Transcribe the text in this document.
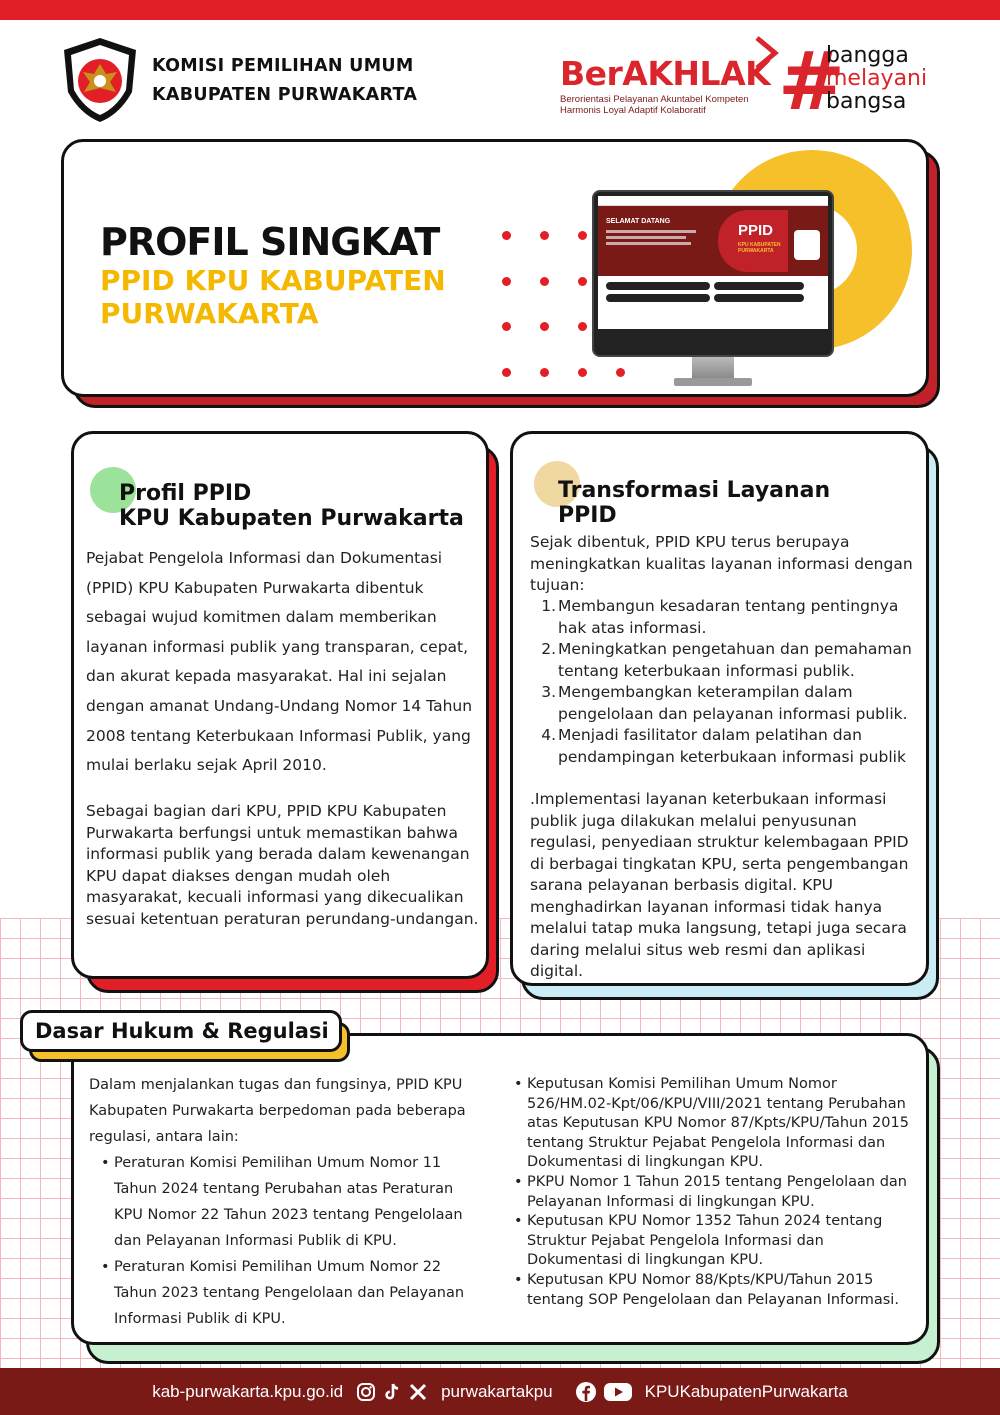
KOMISI PEMILIHAN UMUM
KABUPATEN PURWAKARTA
BerAKHLAK
Berorientasi Pelayanan Akuntabel Kompeten
Harmonis Loyal Adaptif Kolaboratif #
bangga
melayani
bangsa
PROFIL SINGKAT
PPID KPU KABUPATEN
PURWAKARTA
SELAMAT DATANG
PPID
KPU KABUPATEN PURWAKARTA
Profil PPID
KPU Kabupaten Purwakarta
Pejabat Pengelola Informasi dan Dokumentasi (PPID) KPU Kabupaten Purwakarta dibentuk sebagai wujud komitmen dalam memberikan layanan informasi publik yang transparan, cepat, dan akurat kepada masyarakat. Hal ini sejalan dengan amanat Undang-Undang Nomor 14 Tahun 2008 tentang Keterbukaan Informasi Publik, yang mulai berlaku sejak April 2010.
Sebagai bagian dari KPU, PPID KPU Kabupaten Purwakarta berfungsi untuk memastikan bahwa informasi publik yang berada dalam kewenangan KPU dapat diakses dengan mudah oleh masyarakat, kecuali informasi yang dikecualikan sesuai ketentuan peraturan perundang-undangan.
Transformasi Layanan
PPID
Sejak dibentuk, PPID KPU terus berupaya meningkatkan kualitas layanan informasi dengan tujuan:
1. Membangun kesadaran tentang pentingnya hak atas informasi.
2. Meningkatkan pengetahuan dan pemahaman tentang keterbukaan informasi publik.
3. Mengembangkan keterampilan dalam pengelolaan dan pelayanan informasi publik.
4. Menjadi fasilitator dalam pelatihan dan pendampingan keterbukaan informasi publik
.Implementasi layanan keterbukaan informasi publik juga dilakukan melalui penyusunan regulasi, penyediaan struktur kelembagaan PPID di berbagai tingkatan KPU, serta pengembangan sarana pelayanan berbasis digital. KPU menghadirkan layanan informasi tidak hanya melalui tatap muka langsung, tetapi juga secara daring melalui situs web resmi dan aplikasi digital.
Dasar Hukum & Regulasi
Dalam menjalankan tugas dan fungsinya, PPID KPU Kabupaten Purwakarta berpedoman pada beberapa regulasi, antara lain:
• Peraturan Komisi Pemilihan Umum Nomor 11 Tahun 2024 tentang Perubahan atas Peraturan KPU Nomor 22 Tahun 2023 tentang Pengelolaan dan Pelayanan Informasi Publik di KPU.
• Peraturan Komisi Pemilihan Umum Nomor 22 Tahun 2023 tentang Pengelolaan dan Pelayanan Informasi Publik di KPU.
• Keputusan Komisi Pemilihan Umum Nomor 526/HM.02-Kpt/06/KPU/VIII/2021 tentang Perubahan atas Keputusan KPU Nomor 87/Kpts/KPU/Tahun 2015 tentang Struktur Pejabat Pengelola Informasi dan Dokumentasi di lingkungan KPU.
• PKPU Nomor 1 Tahun 2015 tentang Pengelolaan dan Pelayanan Informasi di lingkungan KPU.
• Keputusan KPU Nomor 1352 Tahun 2024 tentang Struktur Pejabat Pengelola Informasi dan Dokumentasi di lingkungan KPU.
• Keputusan KPU Nomor 88/Kpts/KPU/Tahun 2015 tentang SOP Pengelolaan dan Pelayanan Informasi.
kab-purwakarta.kpu.go.id	purwakartakpu	KPUKabupatenPurwakarta
